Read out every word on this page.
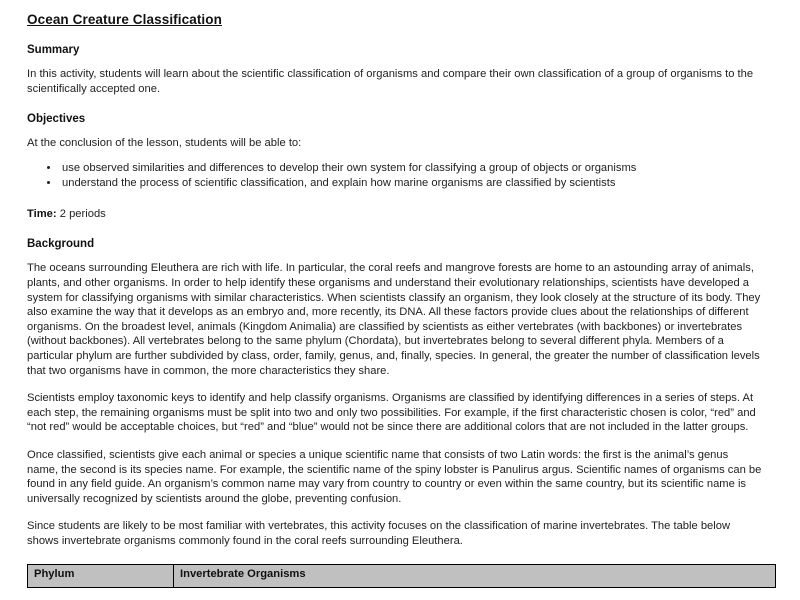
Ocean Creature Classification
Summary

In this activity, students will learn about the scientific classification of organisms and compare their own classification of a group of organisms to the scientifically accepted one.

Objectives

At the conclusion of the lesson, students will be able to:

• use observed similarities and differences to develop their own system for classifying a group of objects or organisms
• understand the process of scientific classification, and explain how marine organisms are classified by scientists

Time: 2 periods

Background

The oceans surrounding Eleuthera are rich with life. In particular, the coral reefs and mangrove forests are home to an astounding array of animals, plants, and other organisms. In order to help identify these organisms and understand their evolutionary relationships, scientists have developed a system for classifying organisms with similar characteristics. When scientists classify an organism, they look closely at the structure of its body. They also examine the way that it develops as an embryo and, more recently, its DNA. All these factors provide clues about the relationships of different organisms. On the broadest level, animals (Kingdom Animalia) are classified by scientists as either vertebrates (with backbones) or invertebrates (without backbones). All vertebrates belong to the same phylum (Chordata), but invertebrates belong to several different phyla. Members of a particular phylum are further subdivided by class, order, family, genus, and, finally, species. In general, the greater the number of classification levels that two organisms have in common, the more characteristics they share.

Scientists employ taxonomic keys to identify and help classify organisms. Organisms are classified by identifying differences in a series of steps. At each step, the remaining organisms must be split into two and only two possibilities. For example, if the first characteristic chosen is color, “red” and “not red” would be acceptable choices, but “red” and “blue” would not be since there are additional colors that are not included in the latter groups.

Once classified, scientists give each animal or species a unique scientific name that consists of two Latin words: the first is the animal’s genus name, the second is its species name. For example, the scientific name of the spiny lobster is Panulirus argus. Scientific names of organisms can be found in any field guide. An organism’s common name may vary from country to country or even within the same country, but its scientific name is universally recognized by scientists around the globe, preventing confusion.

Since students are likely to be most familiar with vertebrates, this activity focuses on the classification of marine invertebrates. The table below shows invertebrate organisms commonly found in the coral reefs surrounding Eleuthera.

Phylum	Invertebrate Organisms
